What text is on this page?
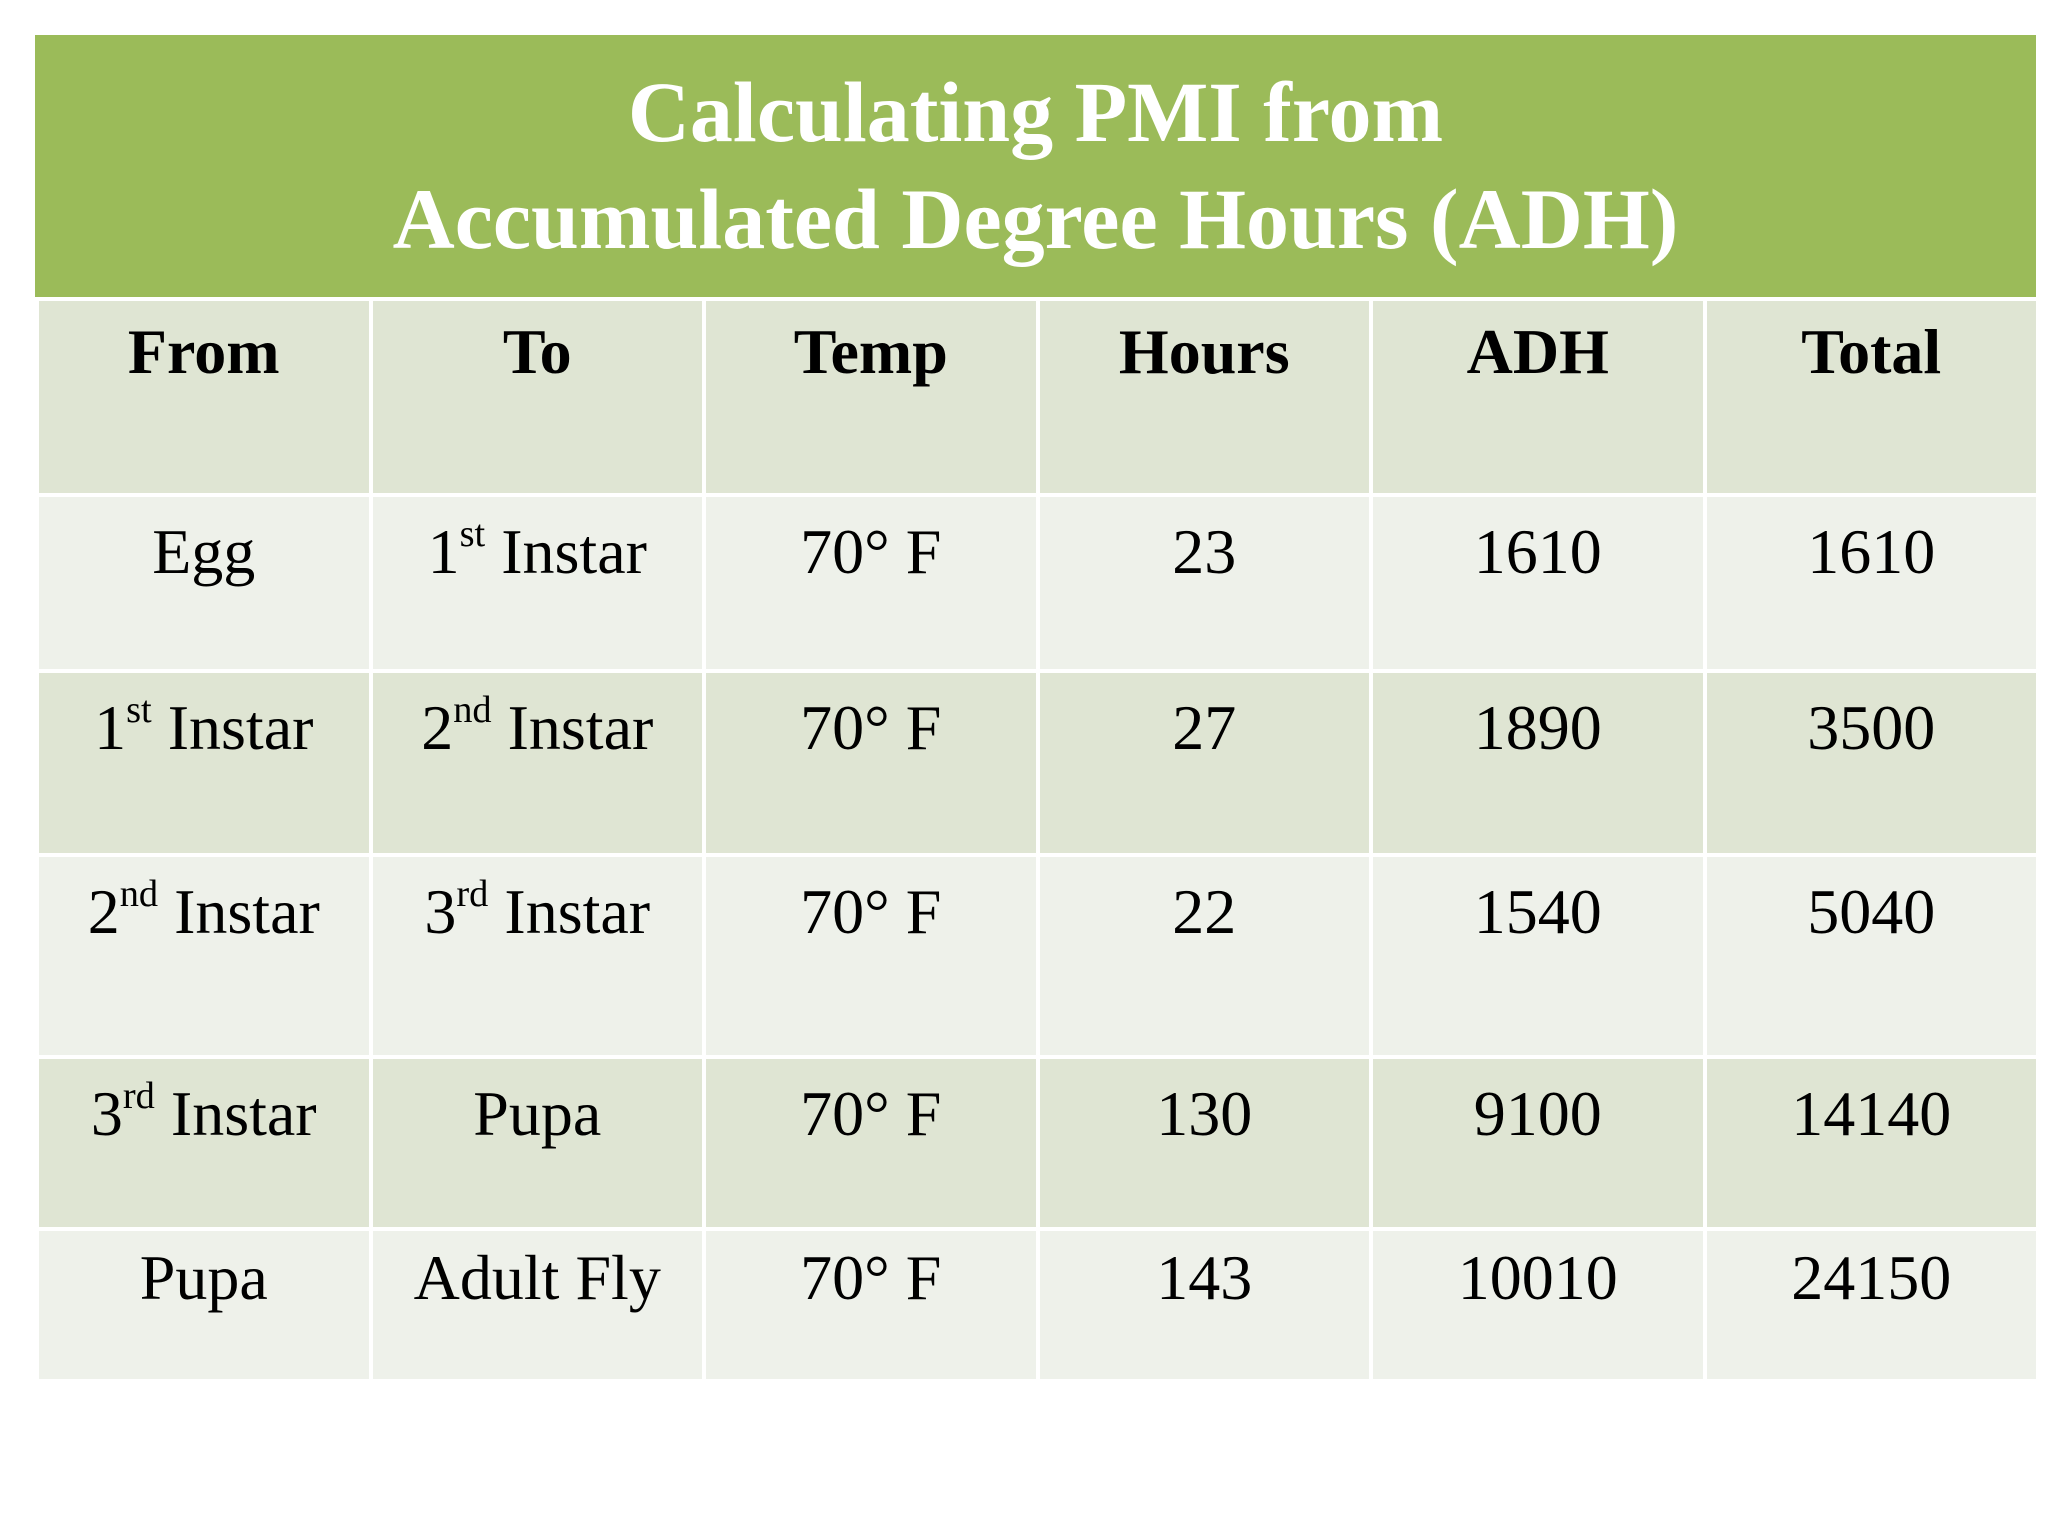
Calculating PMI from
Accumulated Degree Hours (ADH)
From	To	Temp	Hours	ADH	Total
Egg	1st Instar	70° F	23	1610	1610
1st Instar	2nd Instar	70° F	27	1890	3500
2nd Instar	3rd Instar	70° F	22	1540	5040
3rd Instar	Pupa	70° F	130	9100	14140
Pupa	Adult Fly	70° F	143	10010	24150
